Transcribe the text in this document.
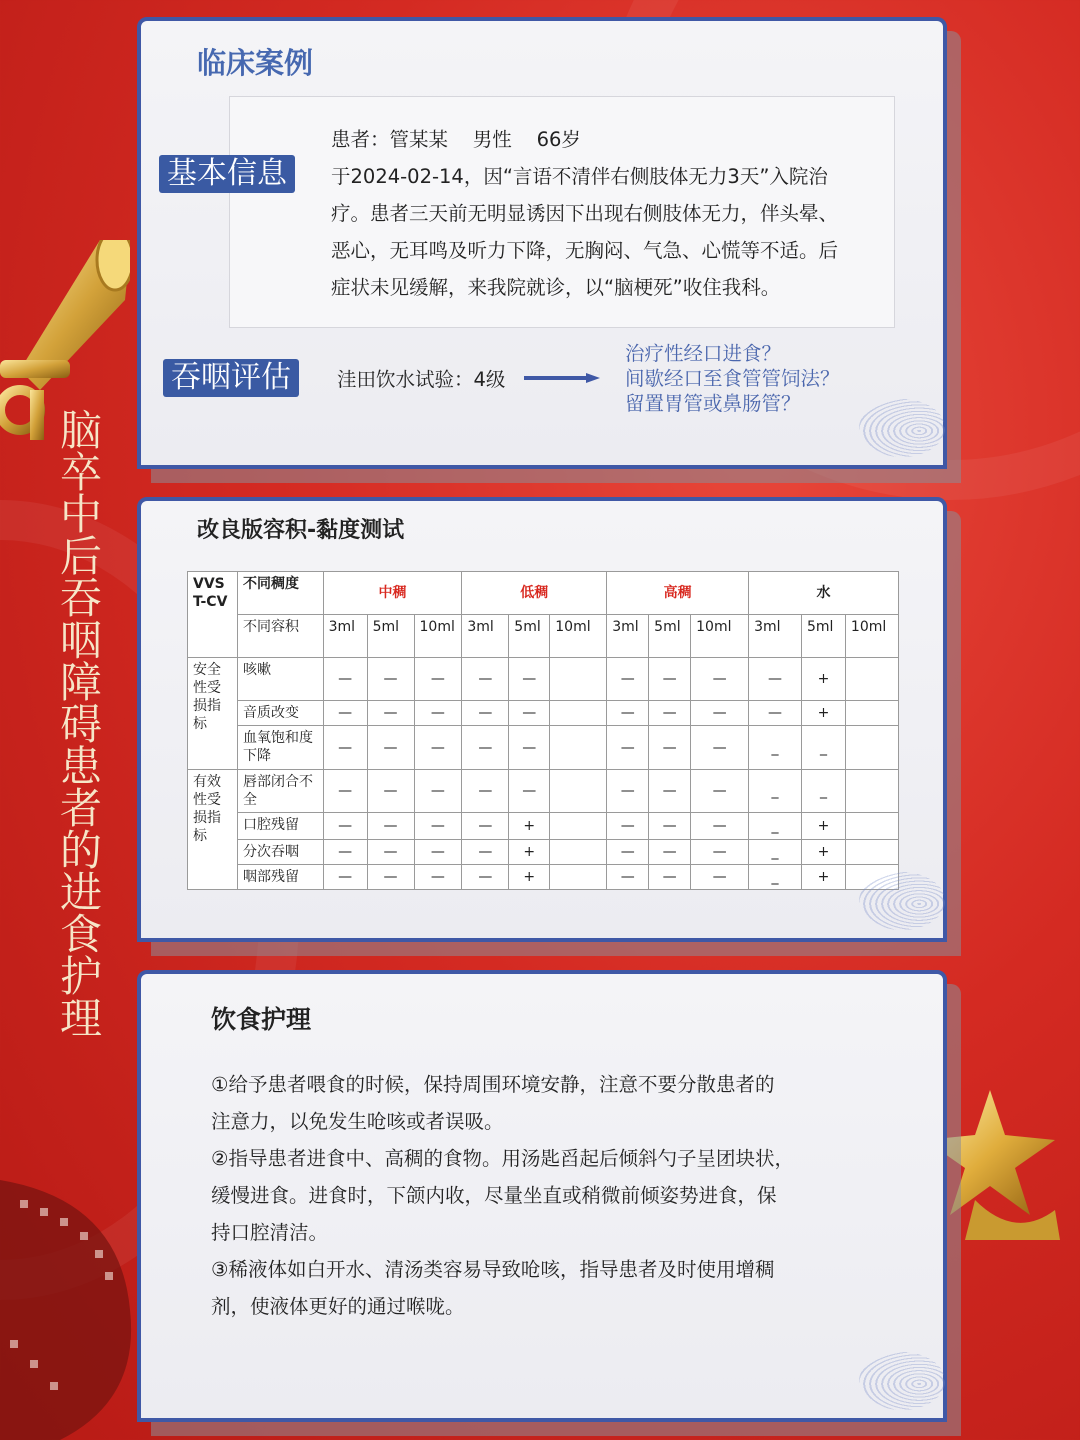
脑卒中后吞咽障碍患者的进食护理
临床案例
基本信息
患者：管某某    男性    66岁
于2024-02-14，因“言语不清伴右侧肢体无力3天”入院治
疗。患者三天前无明显诱因下出现右侧肢体无力，伴头晕、
恶心，无耳鸣及听力下降，无胸闷、气急、心慌等不适。后
症状未见缓解，来我院就诊，以“脑梗死”收住我科。
吞咽评估	洼田饮水试验：4级
治疗性经口进食？
间歇经口至食管管饲法？
留置胃管或鼻肠管？
改良版容积-黏度测试
VVS T-CV	不同稠度	中稠			低稠			高稠			水		
	不同容积	3ml	5ml	10ml	3ml	5ml	10ml	3ml	5ml	10ml	3ml	5ml	10ml
安全性受损指标	咳嗽	—	—	—	—	—		—	—	—	—	+	
	音质改变	—	—	—	—	—		—	—	—	—	+	
	血氧饱和度下降	—	—	—	—	—		—	—	—	_	_	
有效性受损指标	唇部闭合不全	—	—	—	—	—		—	—	—	_	_	
	口腔残留	—	—	—	—	+		—	—	—	_	+	
	分次吞咽	—	—	—	—	+		—	—	—	_	+	
	咽部残留	—	—	—	—	+		—	—	—	_	+	
饮食护理
①给予患者喂食的时候，保持周围环境安静，注意不要分散患者的
注意力，以免发生呛咳或者误吸。
②指导患者进食中、高稠的食物。用汤匙舀起后倾斜勺子呈团块状，
缓慢进食。进食时，下颌内收，尽量坐直或稍微前倾姿势进食，保
持口腔清洁。
③稀液体如白开水、清汤类容易导致呛咳，指导患者及时使用增稠
剂，使液体更好的通过喉咙。
